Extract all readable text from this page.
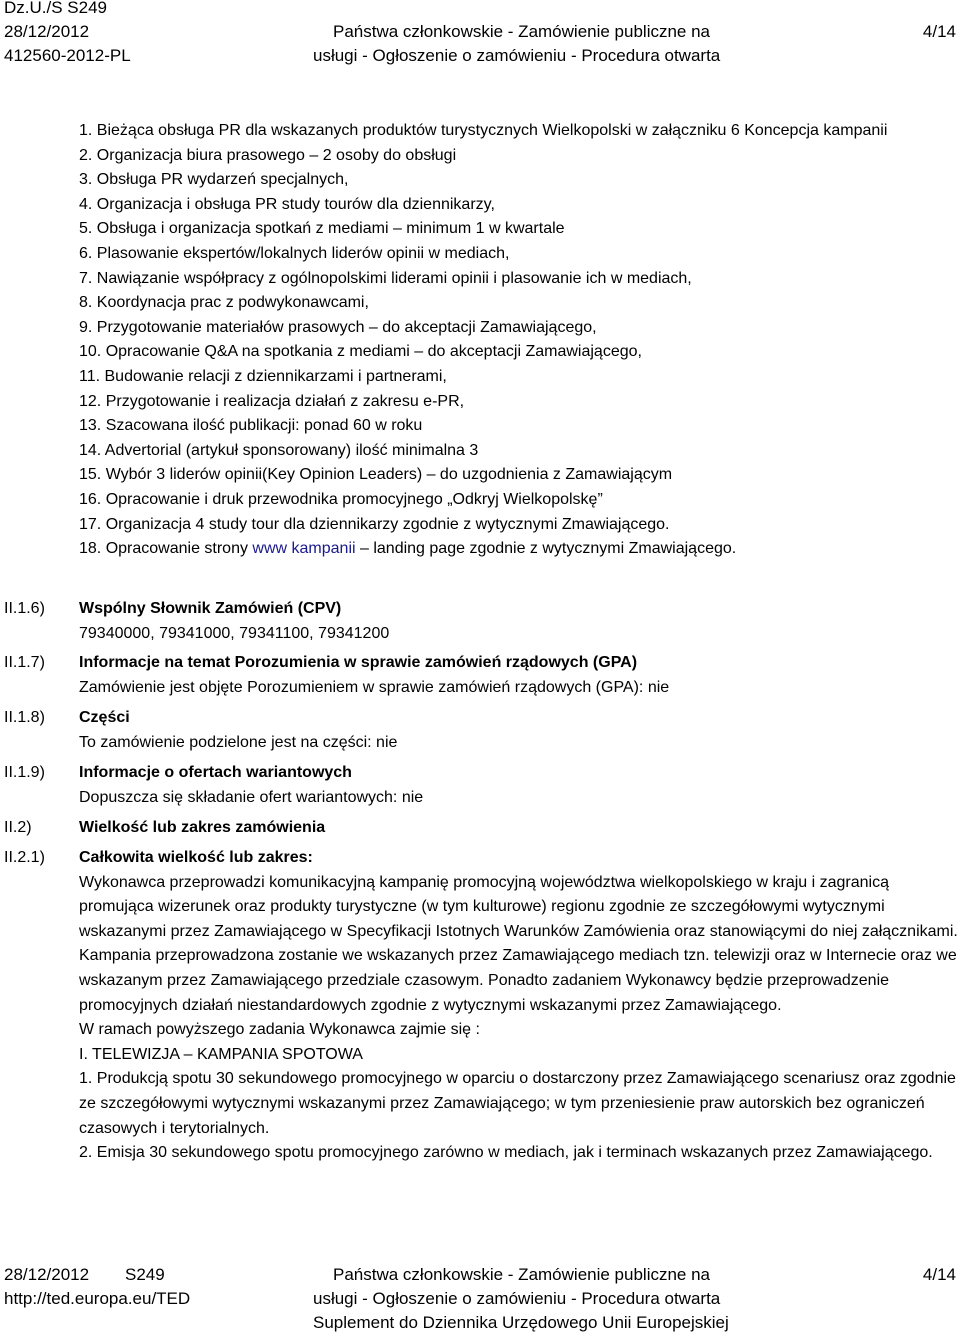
Dz.U./S S249
28/12/2012
412560-2012-PL
Państwa członkowskie - Zamówienie publiczne na
usługi - Ogłoszenie o zamówieniu - Procedura otwarta
4/14
1. Bieżąca obsługa PR dla wskazanych produktów turystycznych Wielkopolski w załączniku 6 Koncepcja kampanii
2. Organizacja biura prasowego – 2 osoby do obsługi
3. Obsługa PR wydarzeń specjalnych,
4. Organizacja i obsługa PR study tourów dla dziennikarzy,
5. Obsługa i organizacja spotkań z mediami – minimum 1 w kwartale
6. Plasowanie ekspertów/lokalnych liderów opinii w mediach,
7. Nawiązanie współpracy z ogólnopolskimi liderami opinii i plasowanie ich w mediach,
8. Koordynacja prac z podwykonawcami,
9. Przygotowanie materiałów prasowych – do akceptacji Zamawiającego,
10. Opracowanie Q&A na spotkania z mediami – do akceptacji Zamawiającego,
11. Budowanie relacji z dziennikarzami i partnerami,
12. Przygotowanie i realizacja działań z zakresu e-PR,
13. Szacowana ilość publikacji: ponad 60 w roku
14. Advertorial (artykuł sponsorowany) ilość minimalna 3
15. Wybór 3 liderów opinii(Key Opinion Leaders) – do uzgodnienia z Zamawiającym
16. Opracowanie i druk przewodnika promocyjnego „Odkryj Wielkopolskę”
17. Organizacja 4 study tour dla dziennikarzy zgodnie z wytycznymi Zmawiającego.
18. Opracowanie strony www kampanii – landing page zgodnie z wytycznymi Zmawiającego.
II.1.6) Wspólny Słownik Zamówień (CPV)
79340000, 79341000, 79341100, 79341200
II.1.7) Informacje na temat Porozumienia w sprawie zamówień rządowych (GPA)
Zamówienie jest objęte Porozumieniem w sprawie zamówień rządowych (GPA): nie
II.1.8) Części
To zamówienie podzielone jest na części: nie
II.1.9) Informacje o ofertach wariantowych
Dopuszcza się składanie ofert wariantowych: nie
II.2)	Wielkość lub zakres zamówienia
II.2.1) Całkowita wielkość lub zakres:
Wykonawca przeprowadzi komunikacyjną kampanię promocyjną województwa wielkopolskiego w kraju i zagranicą promująca wizerunek oraz produkty turystyczne (w tym kulturowe) regionu zgodnie ze szczegółowymi wytycznymi wskazanymi przez Zamawiającego w Specyfikacji Istotnych Warunków Zamówienia oraz stanowiącymi do niej załącznikami.
Kampania przeprowadzona zostanie we wskazanych przez Zamawiającego mediach tzn. telewizji oraz w Internecie oraz we wskazanym przez Zamawiającego przedziale czasowym. Ponadto zadaniem Wykonawcy będzie przeprowadzenie promocyjnych działań niestandardowych zgodnie z wytycznymi wskazanymi przez Zamawiającego.
W ramach powyższego zadania Wykonawca zajmie się :
I. TELEWIZJA – KAMPANIA SPOTOWA
1. Produkcją spotu 30 sekundowego promocyjnego w oparciu o dostarczony przez Zamawiającego scenariusz oraz zgodnie ze szczegółowymi wytycznymi wskazanymi przez Zamawiającego; w tym przeniesienie praw autorskich bez ograniczeń czasowych i terytorialnych.
2. Emisja 30 sekundowego spotu promocyjnego zarówno w mediach, jak i terminach wskazanych przez Zamawiającego.
28/12/2012 S249
http://ted.europa.eu/TED
Państwa członkowskie - Zamówienie publiczne na
usługi - Ogłoszenie o zamówieniu - Procedura otwarta
Suplement do Dziennika Urzędowego Unii Europejskiej
4/14
